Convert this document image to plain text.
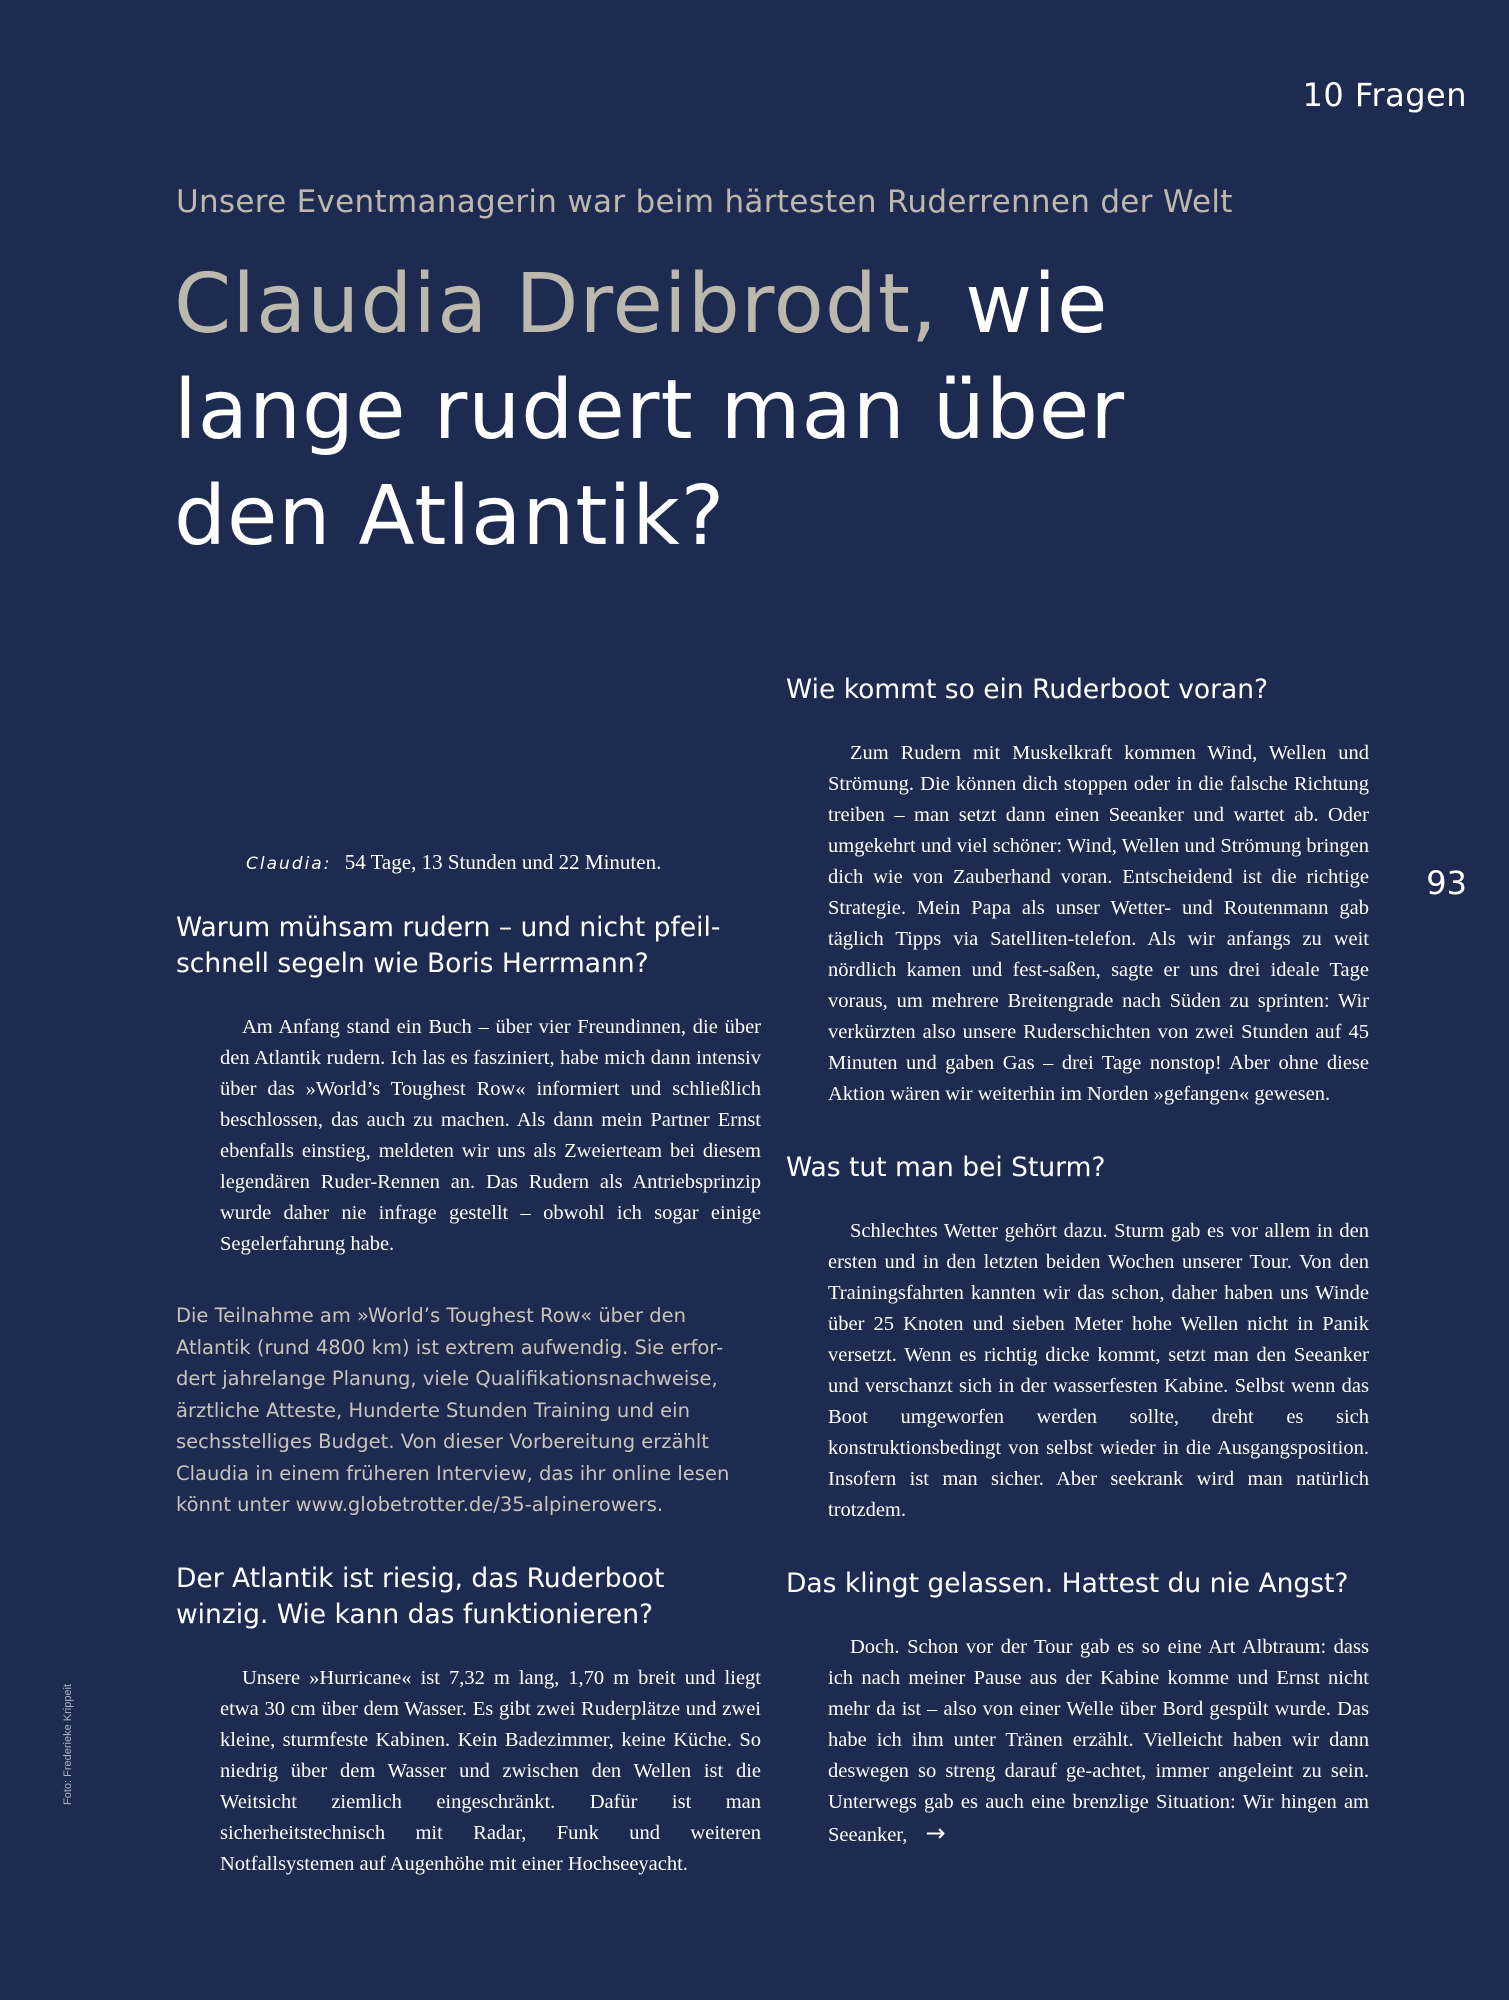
10 Fragen
93
Foto: Frederieke Krippeit
Unsere Eventmanagerin war beim härtesten Ruderrennen der Welt
Claudia Dreibrodt, wie lange rudert man über den Atlantik?
Claudia: 54 Tage, 13 Stunden und 22 Minuten.
Warum mühsam rudern – und nicht pfeil-schnell segeln wie Boris Herrmann?

Am Anfang stand ein Buch – über vier Freundinnen, die über den Atlantik rudern. Ich las es fasziniert, habe mich dann intensiv über das »World’s Toughest Row« informiert und schließlich beschlossen, das auch zu machen. Als dann mein Partner Ernst ebenfalls einstieg, meldeten wir uns als Zweierteam bei diesem legendären Ruder-Rennen an. Das Rudern als Antriebsprinzip wurde daher nie infrage gestellt – obwohl ich sogar einige Segelerfahrung habe.

Die Teilnahme am »World’s Toughest Row« über den Atlantik (rund 4800 km) ist extrem aufwendig. Sie erfor-dert jahrelange Planung, viele Qualifikationsnachweise, ärztliche Atteste, Hunderte Stunden Training und ein sechsstelliges Budget. Von dieser Vorbereitung erzählt Claudia in einem früheren Interview, das ihr online lesen könnt unter www.globetrotter.de/35-alpinerowers.

Der Atlantik ist riesig, das Ruderboot winzig. Wie kann das funktionieren?

Unsere »Hurricane« ist 7,32 m lang, 1,70 m breit und liegt etwa 30 cm über dem Wasser. Es gibt zwei Ruderplätze und zwei kleine, sturmfeste Kabinen. Kein Badezimmer, keine Küche. So niedrig über dem Wasser und zwischen den Wellen ist die Weitsicht ziemlich eingeschränkt. Dafür ist man sicherheitstechnisch mit Radar, Funk und weiteren Notfallsystemen auf Augenhöhe mit einer Hochseeyacht.

Wie kommt so ein Ruderboot voran?

Zum Rudern mit Muskelkraft kommen Wind, Wellen und Strömung. Die können dich stoppen oder in die falsche Richtung treiben – man setzt dann einen Seeanker und wartet ab. Oder umgekehrt und viel schöner: Wind, Wellen und Strömung bringen dich wie von Zauberhand voran. Entscheidend ist die richtige Strategie. Mein Papa als unser Wetter- und Routenmann gab täglich Tipps via Satelliten-telefon. Als wir anfangs zu weit nördlich kamen und fest-saßen, sagte er uns drei ideale Tage voraus, um mehrere Breitengrade nach Süden zu sprinten: Wir verkürzten also unsere Ruderschichten von zwei Stunden auf 45 Minuten und gaben Gas – drei Tage nonstop! Aber ohne diese Aktion wären wir weiterhin im Norden »gefangen« gewesen.

Was tut man bei Sturm?

Schlechtes Wetter gehört dazu. Sturm gab es vor allem in den ersten und in den letzten beiden Wochen unserer Tour. Von den Trainingsfahrten kannten wir das schon, daher haben uns Winde über 25 Knoten und sieben Meter hohe Wellen nicht in Panik versetzt. Wenn es richtig dicke kommt, setzt man den Seeanker und verschanzt sich in der wasserfesten Kabine. Selbst wenn das Boot umgeworfen werden sollte, dreht es sich konstruktionsbedingt von selbst wieder in die Ausgangsposition. Insofern ist man sicher. Aber seekrank wird man natürlich trotzdem.

Das klingt gelassen. Hattest du nie Angst?

Doch. Schon vor der Tour gab es so eine Art Albtraum: dass ich nach meiner Pause aus der Kabine komme und Ernst nicht mehr da ist – also von einer Welle über Bord gespült wurde. Das habe ich ihm unter Tränen erzählt. Vielleicht haben wir dann deswegen so streng darauf ge-achtet, immer angeleint zu sein. Unterwegs gab es auch eine brenzlige Situation: Wir hingen am Seeanker, →
